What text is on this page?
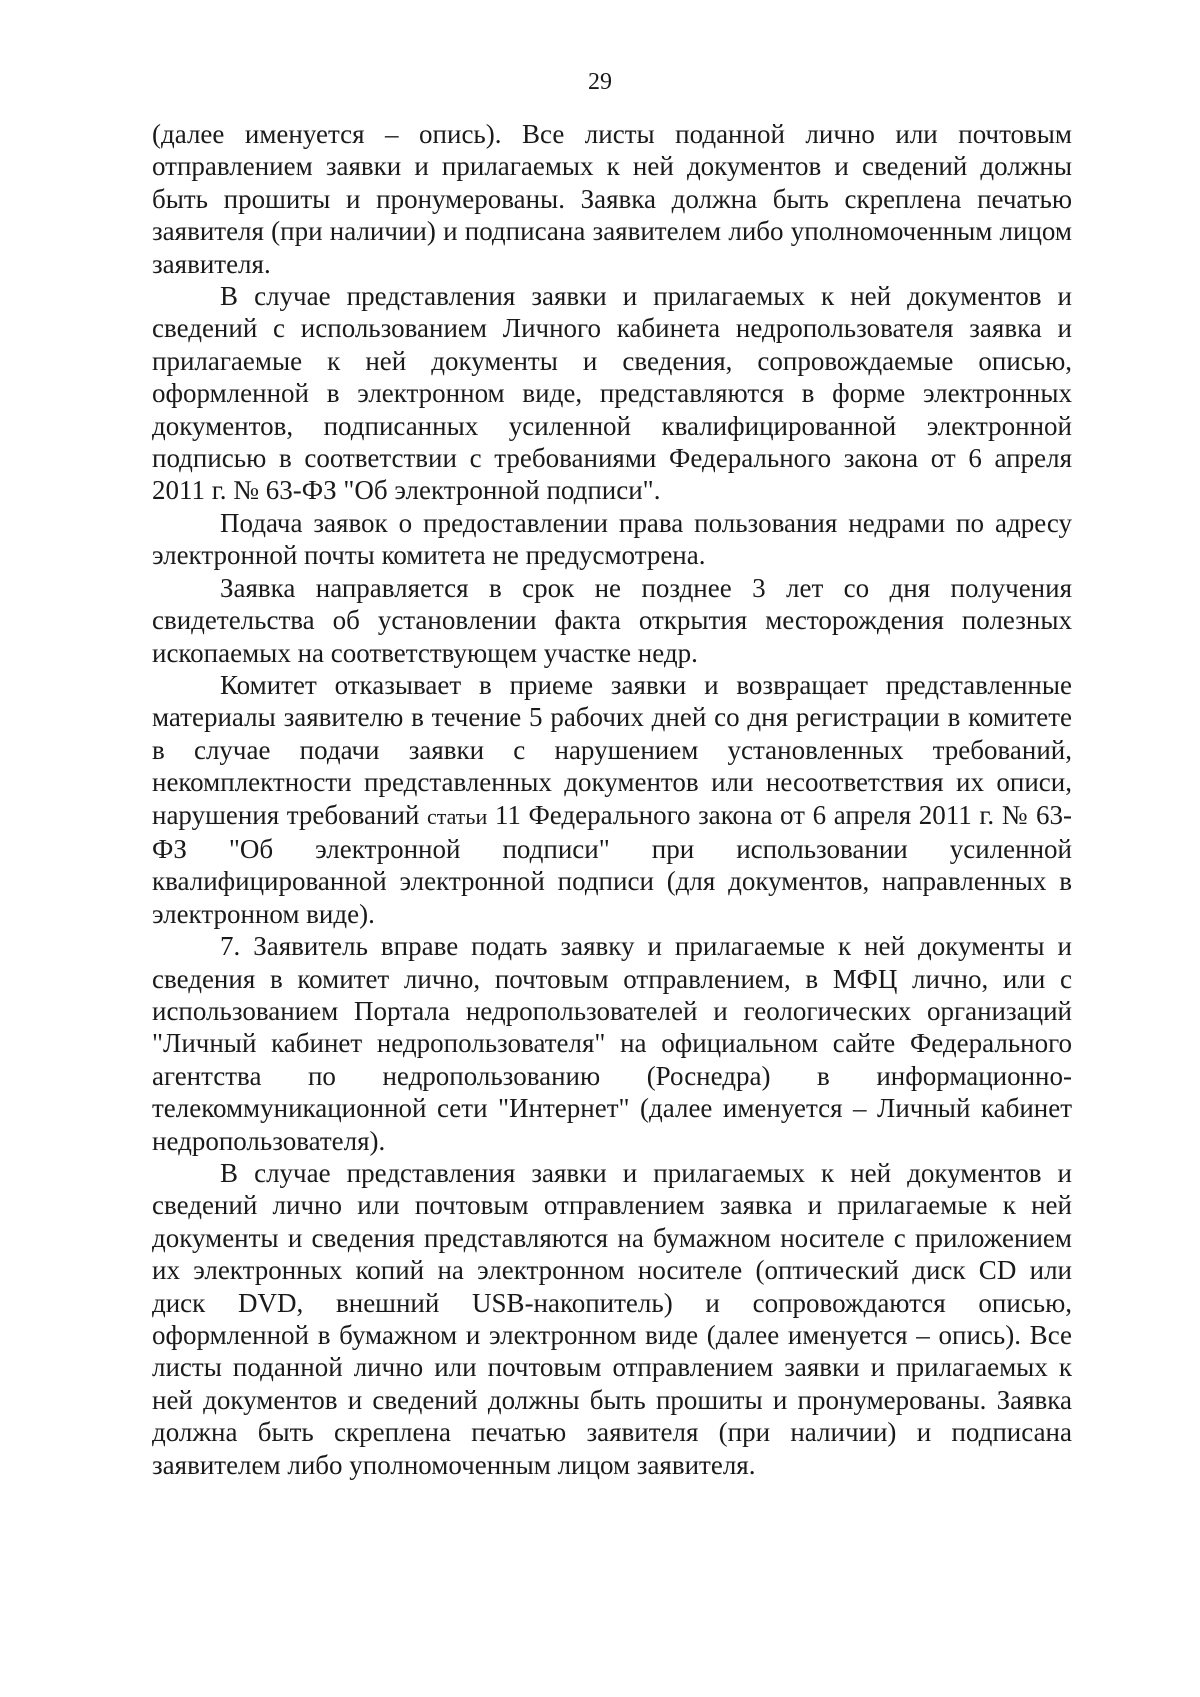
29

(далее именуется – опись). Все листы поданной лично или почтовым отправлением заявки и прилагаемых к ней документов и сведений должны быть прошиты и пронумерованы. Заявка должна быть скреплена печатью заявителя (при наличии) и подписана заявителем либо уполномоченным лицом заявителя.

В случае представления заявки и прилагаемых к ней документов и сведений с использованием Личного кабинета недропользователя заявка и прилагаемые к ней документы и сведения, сопровождаемые описью, оформленной в электронном виде, представляются в форме электронных документов, подписанных усиленной квалифицированной электронной подписью в соответствии с требованиями Федерального закона от 6 апреля 2011 г. № 63-ФЗ "Об электронной подписи".

Подача заявок о предоставлении права пользования недрами по адресу электронной почты комитета не предусмотрена.

Заявка направляется в срок не позднее 3 лет со дня получения свидетельства об установлении факта открытия месторождения полезных ископаемых на соответствующем участке недр.

Комитет отказывает в приеме заявки и возвращает представленные материалы заявителю в течение 5 рабочих дней со дня регистрации в комитете в случае подачи заявки с нарушением установленных требований, некомплектности представленных документов или несоответствия их описи, нарушения требований статьи 11 Федерального закона от 6 апреля 2011 г. № 63-ФЗ "Об электронной подписи" при использовании усиленной квалифицированной электронной подписи (для документов, направленных в электронном виде).

7. Заявитель вправе подать заявку и прилагаемые к ней документы и сведения в комитет лично, почтовым отправлением, в МФЦ лично, или с использованием Портала недропользователей и геологических организаций "Личный кабинет недропользователя" на официальном сайте Федерального агентства по недропользованию (Роснедра) в информационно-телекоммуникационной сети "Интернет" (далее именуется – Личный кабинет недропользователя).

В случае представления заявки и прилагаемых к ней документов и сведений лично или почтовым отправлением заявка и прилагаемые к ней документы и сведения представляются на бумажном носителе с приложением их электронных копий на электронном носителе (оптический диск CD или диск DVD, внешний USB-накопитель) и сопровождаются описью, оформленной в бумажном и электронном виде (далее именуется – опись). Все листы поданной лично или почтовым отправлением заявки и прилагаемых к ней документов и сведений должны быть прошиты и пронумерованы. Заявка должна быть скреплена печатью заявителя (при наличии) и подписана заявителем либо уполномоченным лицом заявителя.
